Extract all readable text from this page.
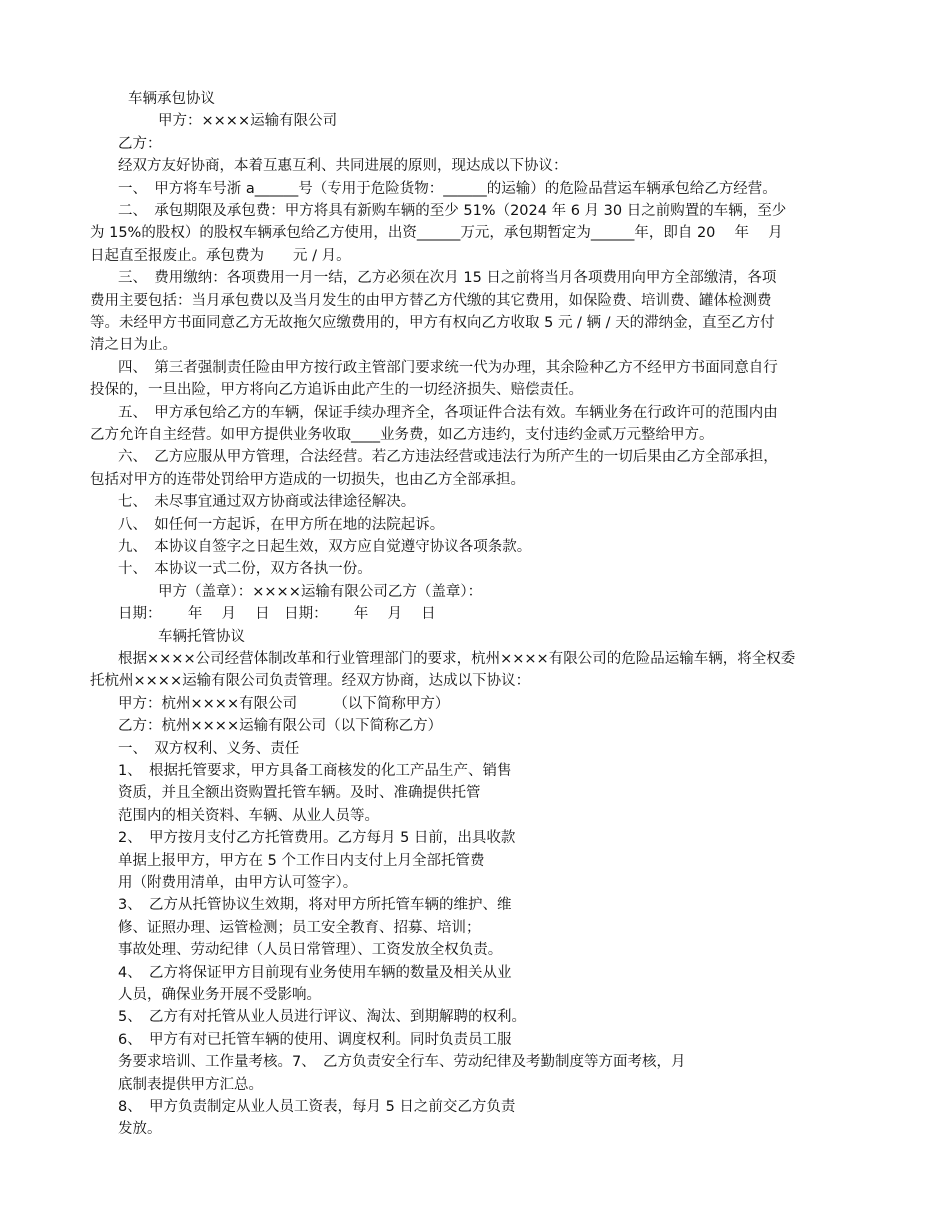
车辆承包协议
甲方：××××运输有限公司
乙方：
经双方友好协商，本着互惠互利、共同进展的原则，现达成以下协议：
一、　甲方将车号浙 a______号（专用于危险货物：______的运输）的危险品营运车辆承包给乙方经营。
二、　承包期限及承包费：甲方将具有新购车辆的至少 51%（2024 年 6 月 30 日之前购置的车辆，至少
为 15%的股权）的股权车辆承包给乙方使用，出资______万元，承包期暂定为______年，即自 20　 年　 月
日起直至报废止。承包费为　　元 / 月。
三、　费用缴纳：各项费用一月一结，乙方必须在次月 15 日之前将当月各项费用向甲方全部缴清，各项
费用主要包括：当月承包费以及当月发生的由甲方替乙方代缴的其它费用，如保险费、培训费、罐体检测费
等。未经甲方书面同意乙方无故拖欠应缴费用的，甲方有权向乙方收取 5 元 / 辆 / 天的滞纳金，直至乙方付
清之日为止。
四、　第三者强制责任险由甲方按行政主管部门要求统一代为办理，其余险种乙方不经甲方书面同意自行
投保的，一旦出险，甲方将向乙方追诉由此产生的一切经济损失、赔偿责任。
五、　甲方承包给乙方的车辆，保证手续办理齐全，各项证件合法有效。车辆业务在行政许可的范围内由
乙方允许自主经营。如甲方提供业务收取____业务费，如乙方违约，支付违约金贰万元整给甲方。
六、　乙方应服从甲方管理，合法经营。若乙方违法经营或违法行为所产生的一切后果由乙方全部承担，
包括对甲方的连带处罚给甲方造成的一切损失，也由乙方全部承担。
七、　未尽事宜通过双方协商或法律途径解决。
八、　如任何一方起诉，在甲方所在地的法院起诉。
九、　本协议自签字之日起生效，双方应自觉遵守协议各项条款。
十、　本协议一式二份，双方各执一份。
甲方（盖章）：××××运输有限公司乙方（盖章）：
日期：　　 年　 月　 日　日期：　　 年　 月　 日
车辆托管协议
根据××××公司经营体制改革和行业管理部门的要求，杭州××××有限公司的危险品运输车辆，将全权委
托杭州××××运输有限公司负责管理。经双方协商，达成以下协议：
甲方：杭州××××有限公司　　　（以下简称甲方）
乙方：杭州××××运输有限公司（以下简称乙方）
一、　双方权利、义务、责任
1、　根据托管要求，甲方具备工商核发的化工产品生产、销售
资质，并且全额出资购置托管车辆。及时、准确提供托管
范围内的相关资料、车辆、从业人员等。
2、　甲方按月支付乙方托管费用。乙方每月 5 日前，出具收款
单据上报甲方，甲方在 5 个工作日内支付上月全部托管费
用（附费用清单，由甲方认可签字）。
3、　乙方从托管协议生效期，将对甲方所托管车辆的维护、维
修、证照办理、运管检测；员工安全教育、招募、培训；
事故处理、劳动纪律（人员日常管理）、工资发放全权负责。
4、　乙方将保证甲方目前现有业务使用车辆的数量及相关从业
人员，确保业务开展不受影响。
5、　乙方有对托管从业人员进行评议、淘汰、到期解聘的权利。
6、　甲方有对已托管车辆的使用、调度权利。同时负责员工服
务要求培训、工作量考核。7、　乙方负责安全行车、劳动纪律及考勤制度等方面考核，月
底制表提供甲方汇总。
8、　甲方负责制定从业人员工资表，每月 5 日之前交乙方负责
发放。
